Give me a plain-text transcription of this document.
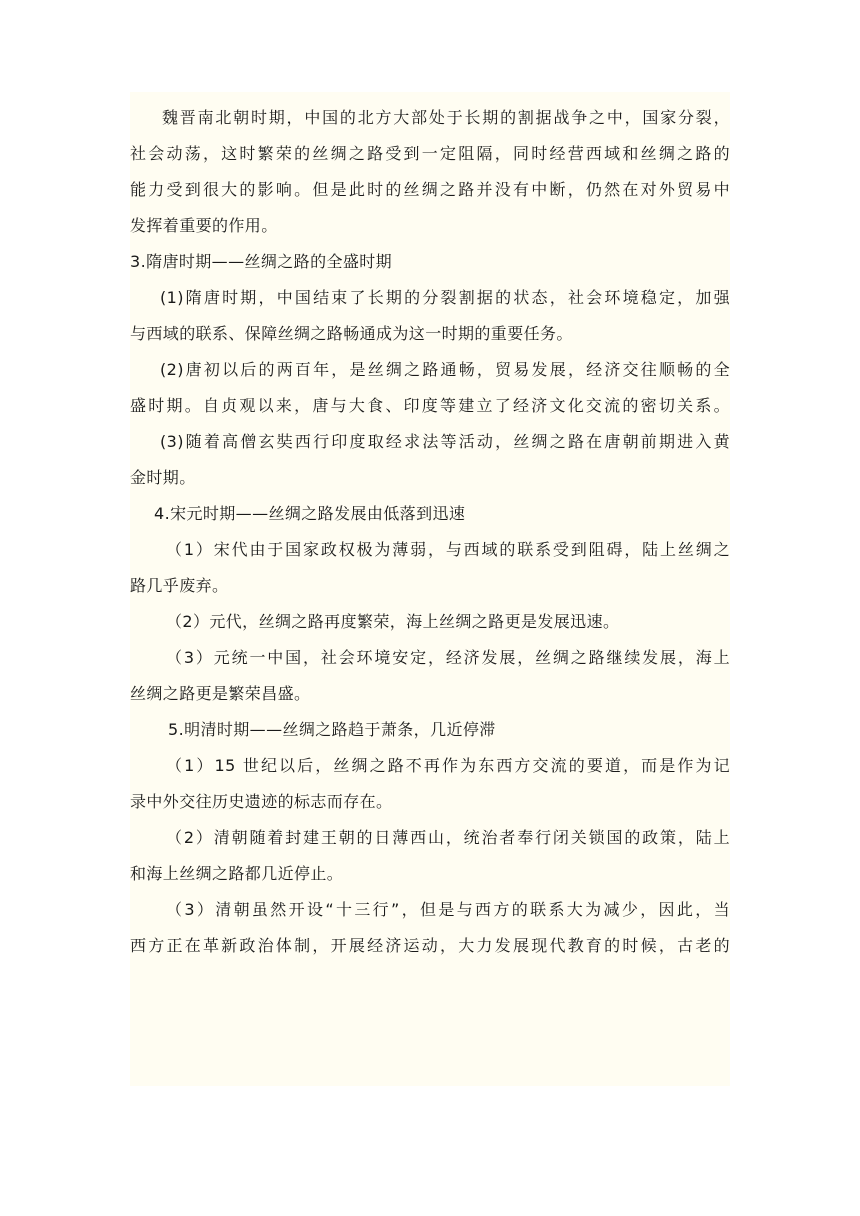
魏晋南北朝时期，中国的北方大部处于长期的割据战争之中，国家分裂，
社会动荡，这时繁荣的丝绸之路受到一定阻隔，同时经营西域和丝绸之路的
能力受到很大的影响。但是此时的丝绸之路并没有中断，仍然在对外贸易中
发挥着重要的作用。
3.隋唐时期——丝绸之路的全盛时期
(1)隋唐时期，中国结束了长期的分裂割据的状态，社会环境稳定，加强
与西域的联系、保障丝绸之路畅通成为这一时期的重要任务。
(2)唐初以后的两百年，是丝绸之路通畅，贸易发展，经济交往顺畅的全
盛时期。自贞观以来，唐与大食、印度等建立了经济文化交流的密切关系。
(3)随着高僧玄奘西行印度取经求法等活动，丝绸之路在唐朝前期进入黄
金时期。
4.宋元时期——丝绸之路发展由低落到迅速
（1）宋代由于国家政权极为薄弱，与西域的联系受到阻碍，陆上丝绸之
路几乎废弃。
（2）元代，丝绸之路再度繁荣，海上丝绸之路更是发展迅速。
（3）元统一中国，社会环境安定，经济发展，丝绸之路继续发展，海上
丝绸之路更是繁荣昌盛。
5.明清时期——丝绸之路趋于萧条，几近停滞
（1）15 世纪以后，丝绸之路不再作为东西方交流的要道，而是作为记
录中外交往历史遗迹的标志而存在。
（2）清朝随着封建王朝的日薄西山，统治者奉行闭关锁国的政策，陆上
和海上丝绸之路都几近停止。
（3）清朝虽然开设“十三行”，但是与西方的联系大为减少，因此，当
西方正在革新政治体制，开展经济运动，大力发展现代教育的时候，古老的
